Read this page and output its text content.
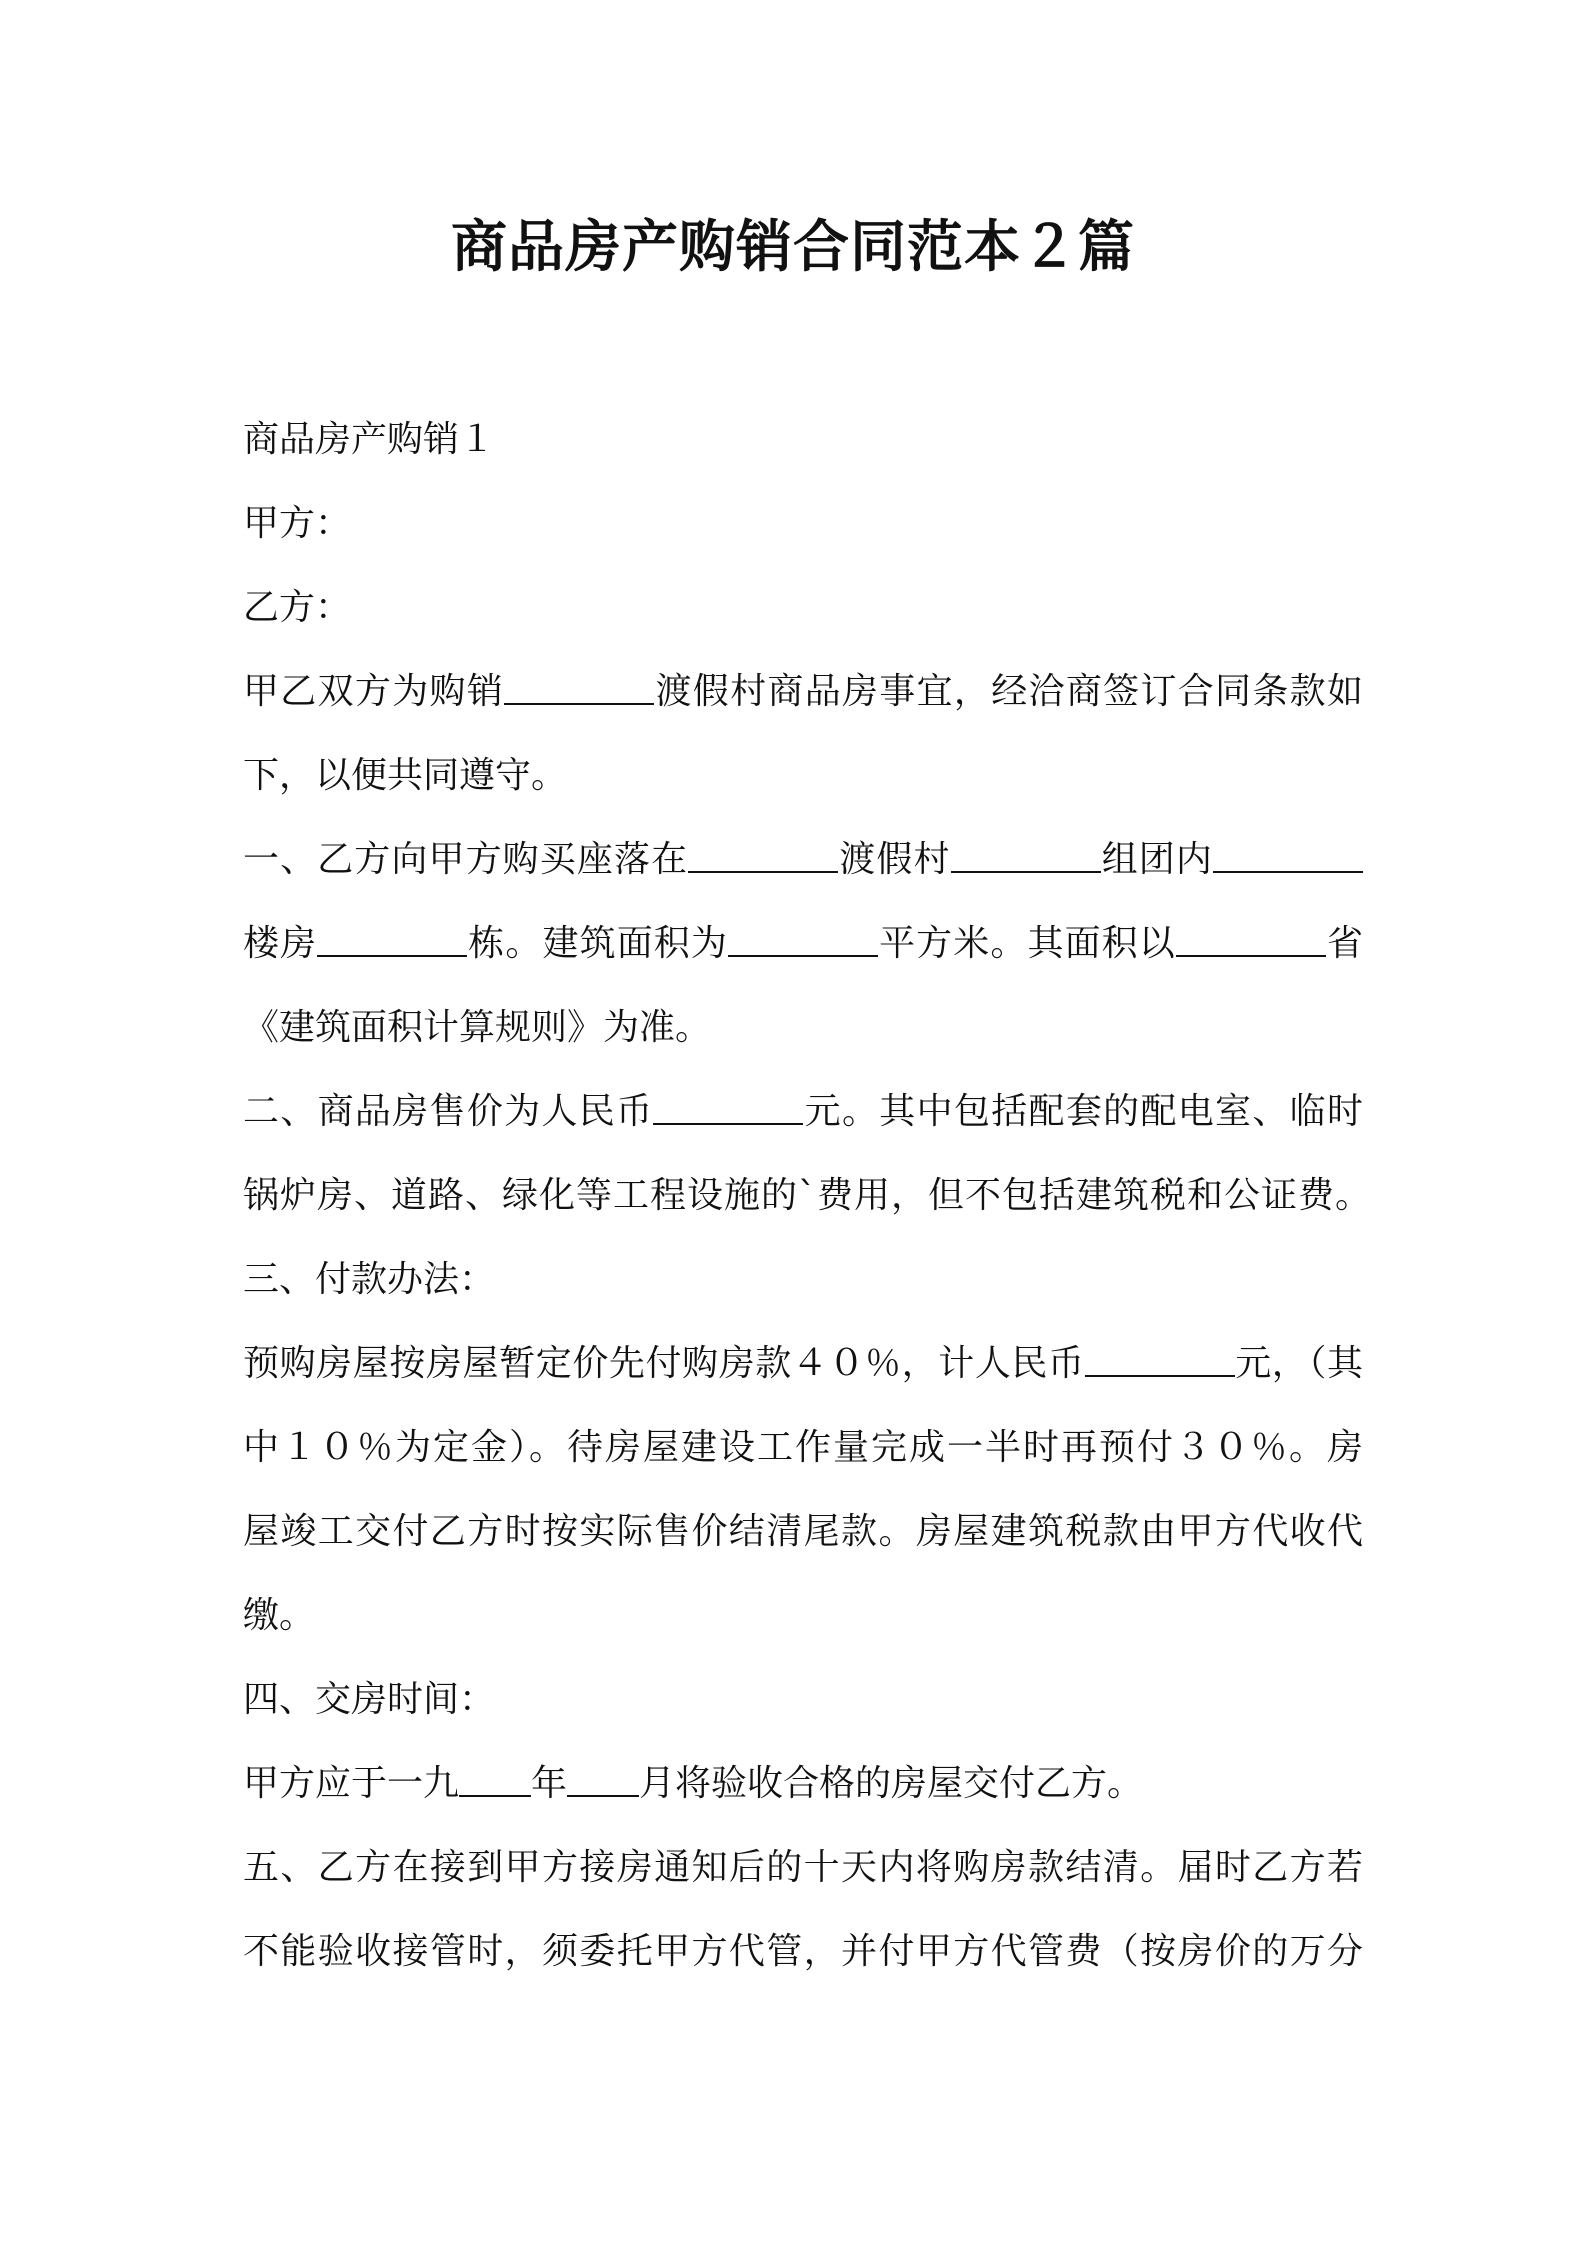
商品房产购销合同范本２篇
商品房产购销１
甲方：
乙方：
甲乙双方为购销	渡假村商品房事宜，经洽商签订合同条款如
下，以便共同遵守。
一、乙方向甲方购买座落在	渡假村	组团内
楼房	栋。建筑面积为	平方米。其面积以	省
《建筑面积计算规则》为准。
二、商品房售价为人民币	元。其中包括配套的配电室、临时
锅炉房、道路、绿化等工程设施的`费用，但不包括建筑税和公证费。
三、付款办法：
预购房屋按房屋暂定价先付购房款４０％，计人民币	元，（其
中１０％为定金）。待房屋建设工作量完成一半时再预付３０％。房
屋竣工交付乙方时按实际售价结清尾款。房屋建筑税款由甲方代收代
缴。
四、交房时间：
甲方应于一九 年 月将验收合格的房屋交付乙方。
五、乙方在接到甲方接房通知后的十天内将购房款结清。届时乙方若
不能验收接管时，须委托甲方代管，并付甲方代管费（按房价的万分
